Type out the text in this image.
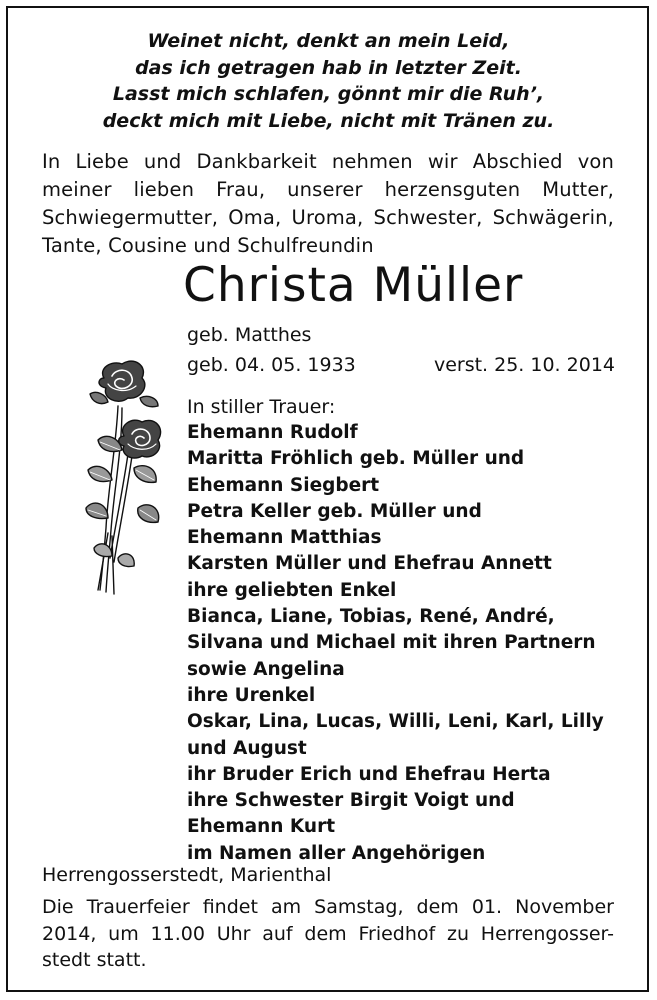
Weinet nicht, denkt an mein Leid,
das ich getragen hab in letzter Zeit.
Lasst mich schlafen, gönnt mir die Ruh’,
deckt mich mit Liebe, nicht mit Tränen zu.
In Liebe und Dankbarkeit nehmen wir Abschied von
meiner lieben Frau, unserer herzensguten Mutter,
Schwiegermutter, Oma, Uroma, Schwester, Schwägerin,
Tante, Cousine und Schulfreundin
Christa Müller
geb. Matthes
geb. 04. 05. 1933	verst. 25. 10. 2014
In stiller Trauer:
Ehemann Rudolf
Maritta Fröhlich geb. Müller und
Ehemann Siegbert
Petra Keller geb. Müller und
Ehemann Matthias
Karsten Müller und Ehefrau Annett
ihre geliebten Enkel
Bianca, Liane, Tobias, René, André,
Silvana und Michael mit ihren Partnern
sowie Angelina
ihre Urenkel
Oskar, Lina, Lucas, Willi, Leni, Karl, Lilly
und August
ihr Bruder Erich und Ehefrau Herta
ihre Schwester Birgit Voigt und
Ehemann Kurt
im Namen aller Angehörigen
Herrengosserstedt, Marienthal
Die Trauerfeier findet am Samstag, dem 01. November
2014, um 11.00 Uhr auf dem Friedhof zu Herrengosser-
stedt statt.
